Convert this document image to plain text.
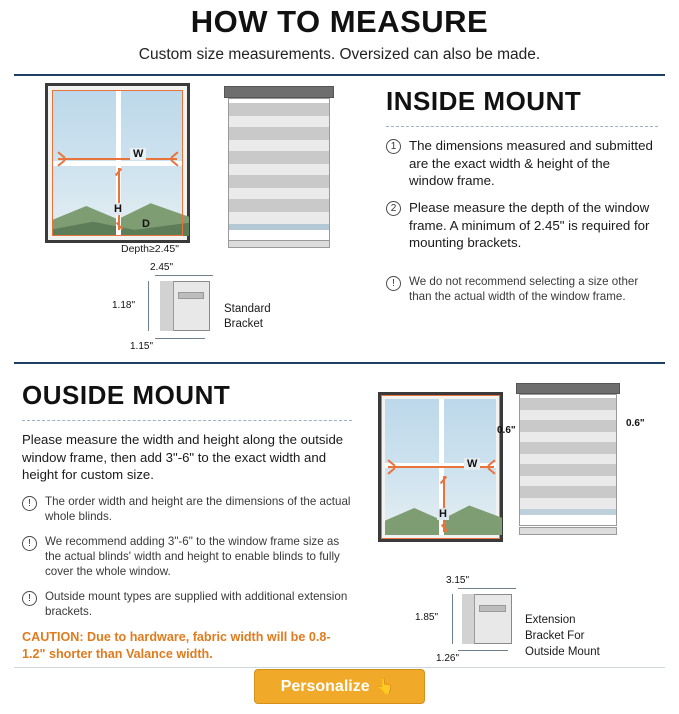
HOW TO MEASURE

Custom size measurements. Oversized can also be made.

W
H
D
Depth≥2.45"
2.45"
1.18"
1.15"
Standard
Bracket
INSIDE MOUNT
1 The dimensions measured and submitted are the exact width & height of the window frame.
2 Please measure the depth of the window frame. A minimum of 2.45" is required for mounting brackets.
!	We do not recommend selecting a size other than the actual width of the window frame.
OUSIDE MOUNT

Please measure the width and height along the outside window frame, then add 3"-6" to the exact width and height for custom size.

!	The order width and height are the dimensions of the actual whole blinds.
!	We recommend adding 3"-6" to the window frame size as the actual blinds' width and height to enable blinds to fully cover the whole window.
!	Outside mount types are supplied with additional extension brackets.
CAUTION: Due to hardware, fabric width will be 0.8-1.2" shorter than Valance width.
W
H
0.6"
0.6"
3.15"
1.85"
1.26"
Extension
Bracket For
Outside Mount
Personalize 👆
